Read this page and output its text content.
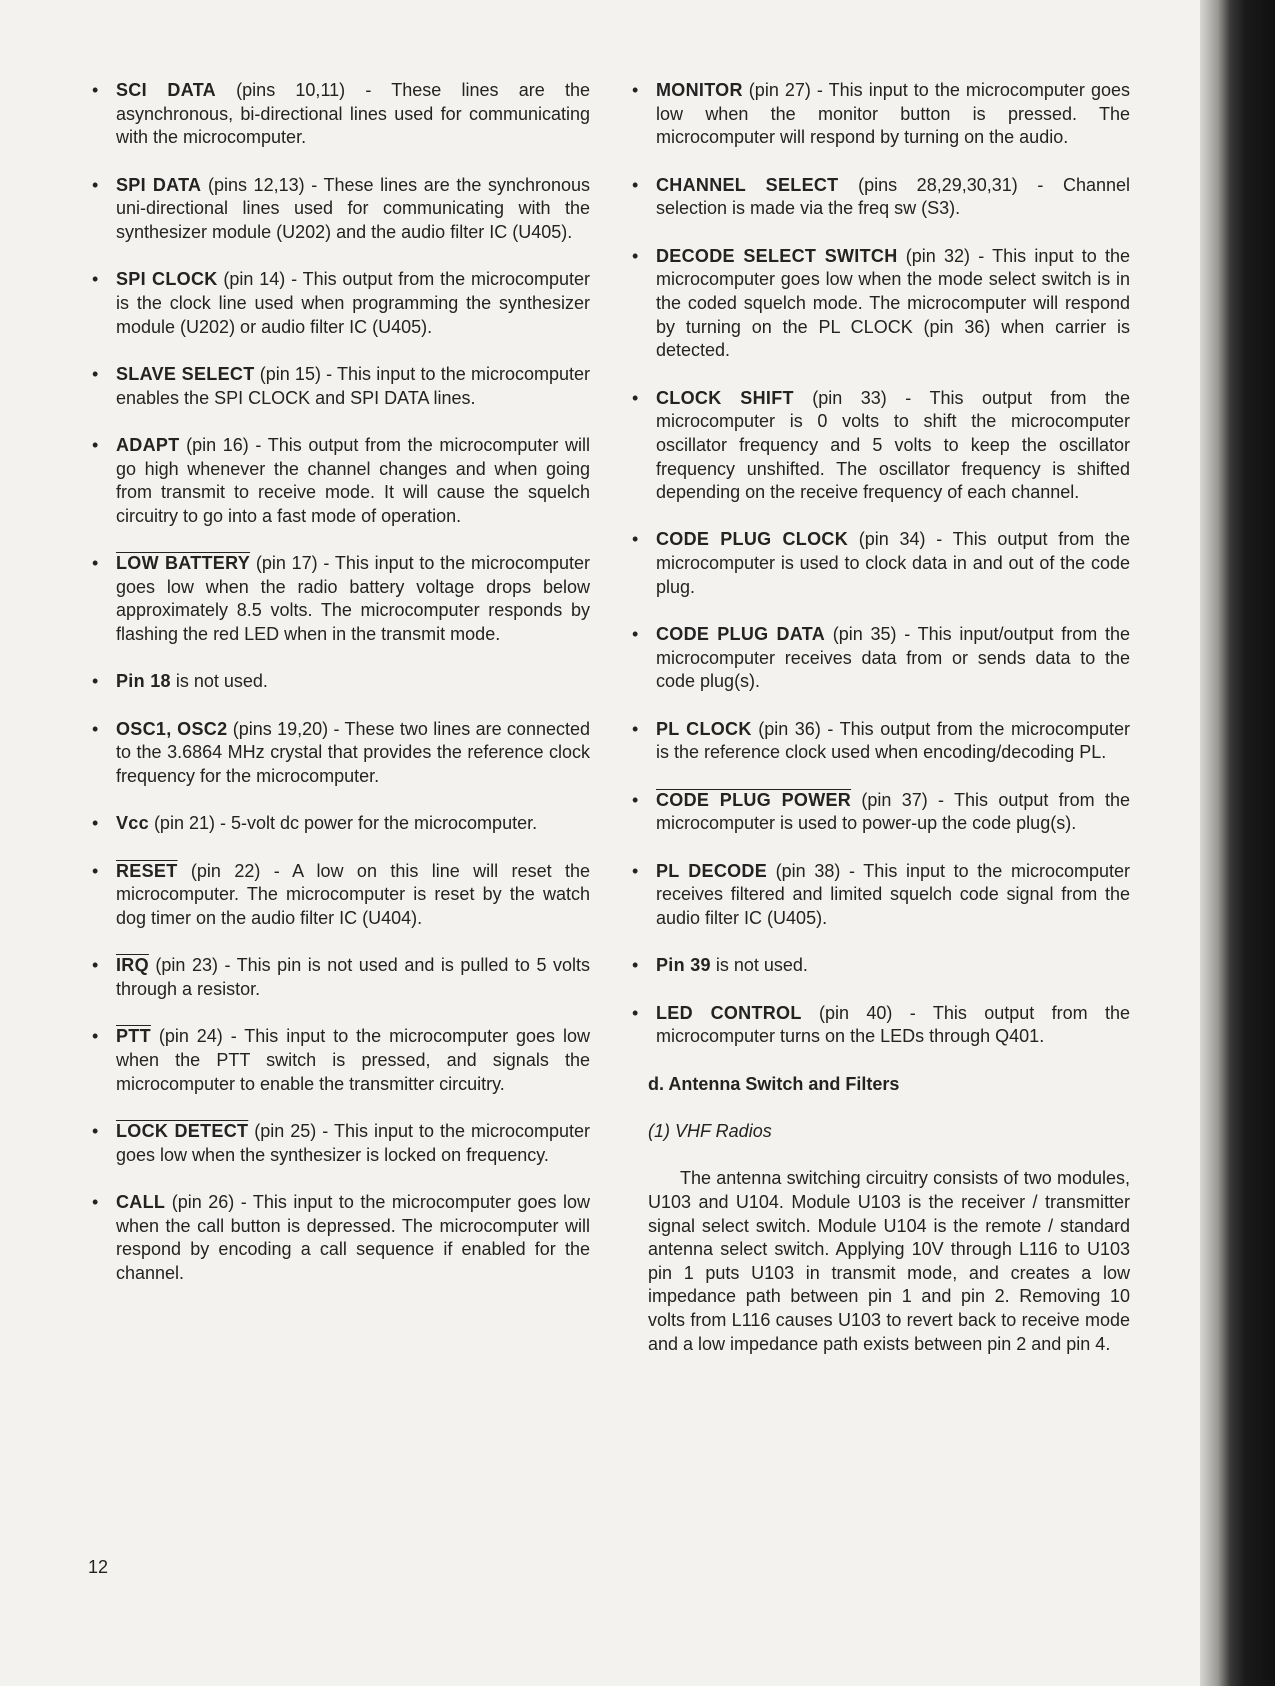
• SCI DATA (pins 10,11) - These lines are the asynchronous, bi-directional lines used for communicating with the microcomputer.
• SPI DATA (pins 12,13) - These lines are the synchronous uni-directional lines used for communicating with the synthesizer module (U202) and the audio filter IC (U405).
• SPI CLOCK (pin 14) - This output from the microcomputer is the clock line used when programming the synthesizer module (U202) or audio filter IC (U405).
• SLAVE SELECT (pin 15) - This input to the microcomputer enables the SPI CLOCK and SPI DATA lines.
• ADAPT (pin 16) - This output from the microcomputer will go high whenever the channel changes and when going from transmit to receive mode. It will cause the squelch circuitry to go into a fast mode of operation.
• LOW BATTERY (pin 17) - This input to the microcomputer goes low when the radio battery voltage drops below approximately 8.5 volts. The microcomputer responds by flashing the red LED when in the transmit mode.
• Pin 18 is not used.
• OSC1, OSC2 (pins 19,20) - These two lines are connected to the 3.6864 MHz crystal that provides the reference clock frequency for the microcomputer.
• Vcc (pin 21) - 5-volt dc power for the microcomputer.
• RESET (pin 22) - A low on this line will reset the microcomputer. The microcomputer is reset by the watch dog timer on the audio filter IC (U404).
• $\overline{IRQ}$ (pin 23) - This pin is not used and is pulled to 5 volts through a resistor.
• $\overline{PTT}$ (pin 24) - This input to the microcomputer goes low when the PTT switch is pressed, and signals the microcomputer to enable the transmitter circuitry.
• LOCK DETECT (pin 25) - This input to the microcomputer goes low when the synthesizer is locked on frequency.
• CALL (pin 26) - This input to the microcomputer goes low when the call button is depressed. The microcomputer will respond by encoding a call sequence if enabled for the channel.
• MONITOR (pin 27) - This input to the microcomputer goes low when the monitor button is pressed. The microcomputer will respond by turning on the audio.
• CHANNEL SELECT (pins 28,29,30,31) - Channel selection is made via the freq sw (S3).
• DECODE SELECT SWITCH (pin 32) - This input to the microcomputer goes low when the mode select switch is in the coded squelch mode. The microcomputer will respond by turning on the PL CLOCK (pin 36) when carrier is detected.
• CLOCK SHIFT (pin 33) - This output from the microcomputer is 0 volts to shift the microcomputer oscillator frequency and 5 volts to keep the oscillator frequency unshifted. The oscillator frequency is shifted depending on the receive frequency of each channel.
• CODE PLUG CLOCK (pin 34) - This output from the microcomputer is used to clock data in and out of the code plug.
• CODE PLUG DATA (pin 35) - This input/output from the microcomputer receives data from or sends data to the code plug(s).
• PL CLOCK (pin 36) - This output from the microcomputer is the reference clock used when encoding/decoding PL.
• CODE PLUG POWER (pin 37) - This output from the microcomputer is used to power-up the code plug(s).
• PL DECODE (pin 38) - This input to the microcomputer receives filtered and limited squelch code signal from the audio filter IC (U405).
• Pin 39 is not used.
• LED CONTROL (pin 40) - This output from the microcomputer turns on the LEDs through Q401.
d. Antenna Switch and Filters
(1) VHF Radios
The antenna switching circuitry consists of two modules, U103 and U104. Module U103 is the receiver / transmitter signal select switch. Module U104 is the remote / standard antenna select switch. Applying 10V through L116 to U103 pin 1 puts U103 in transmit mode, and creates a low impedance path between pin 1 and pin 2. Removing 10 volts from L116 causes U103 to revert back to receive mode and a low impedance path exists between pin 2 and pin 4.
12
